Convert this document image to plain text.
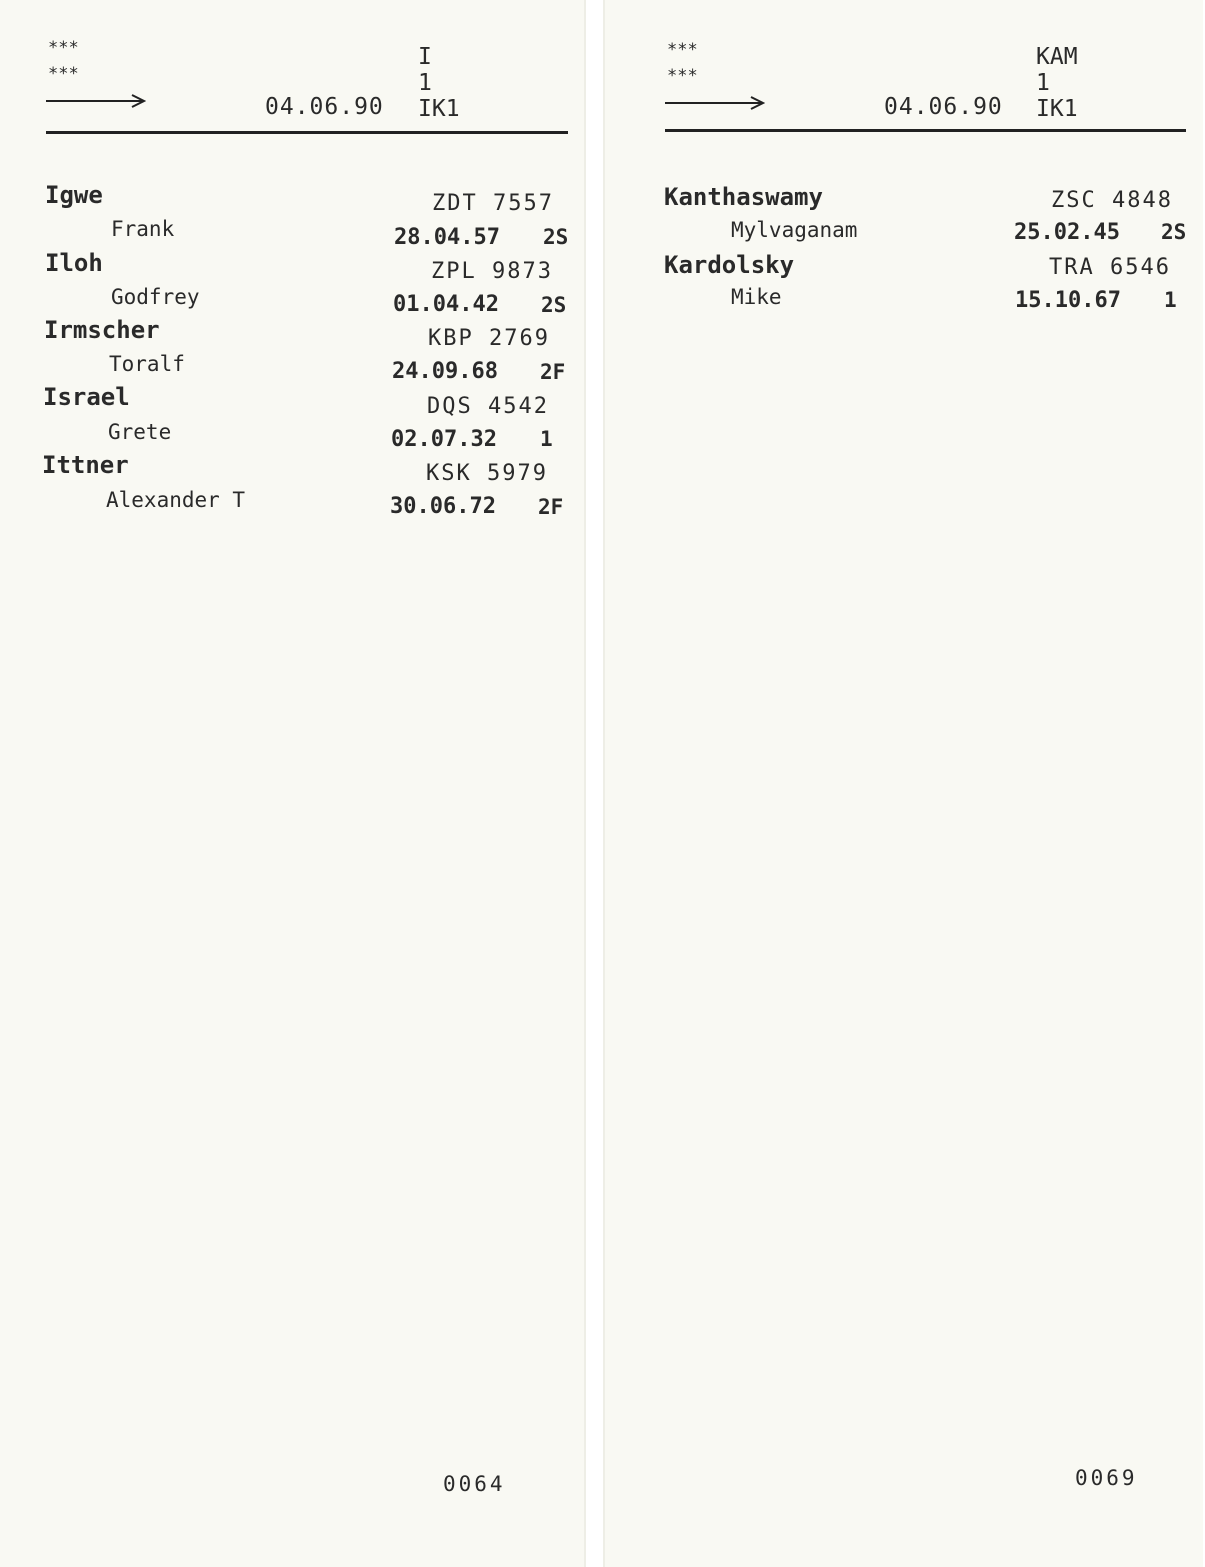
***
***
I
1
04.06.90 IK1
Igwe	ZDT 7557
Frank	28.04.57 2S
Iloh	ZPL 9873
Godfrey	01.04.42 2S
Irmscher	KBP 2769
Toralf	24.09.68 2F
Israel	DQS 4542
Grete	02.07.32 1
Ittner	KSK 5979
Alexander T	30.06.72 2F
0064
***
***
KAM
1
04.06.90 IK1
Kanthaswamy	ZSC 4848
Mylvaganam	25.02.45 2S
Kardolsky	TRA 6546
Mike	15.10.67 1
0069
